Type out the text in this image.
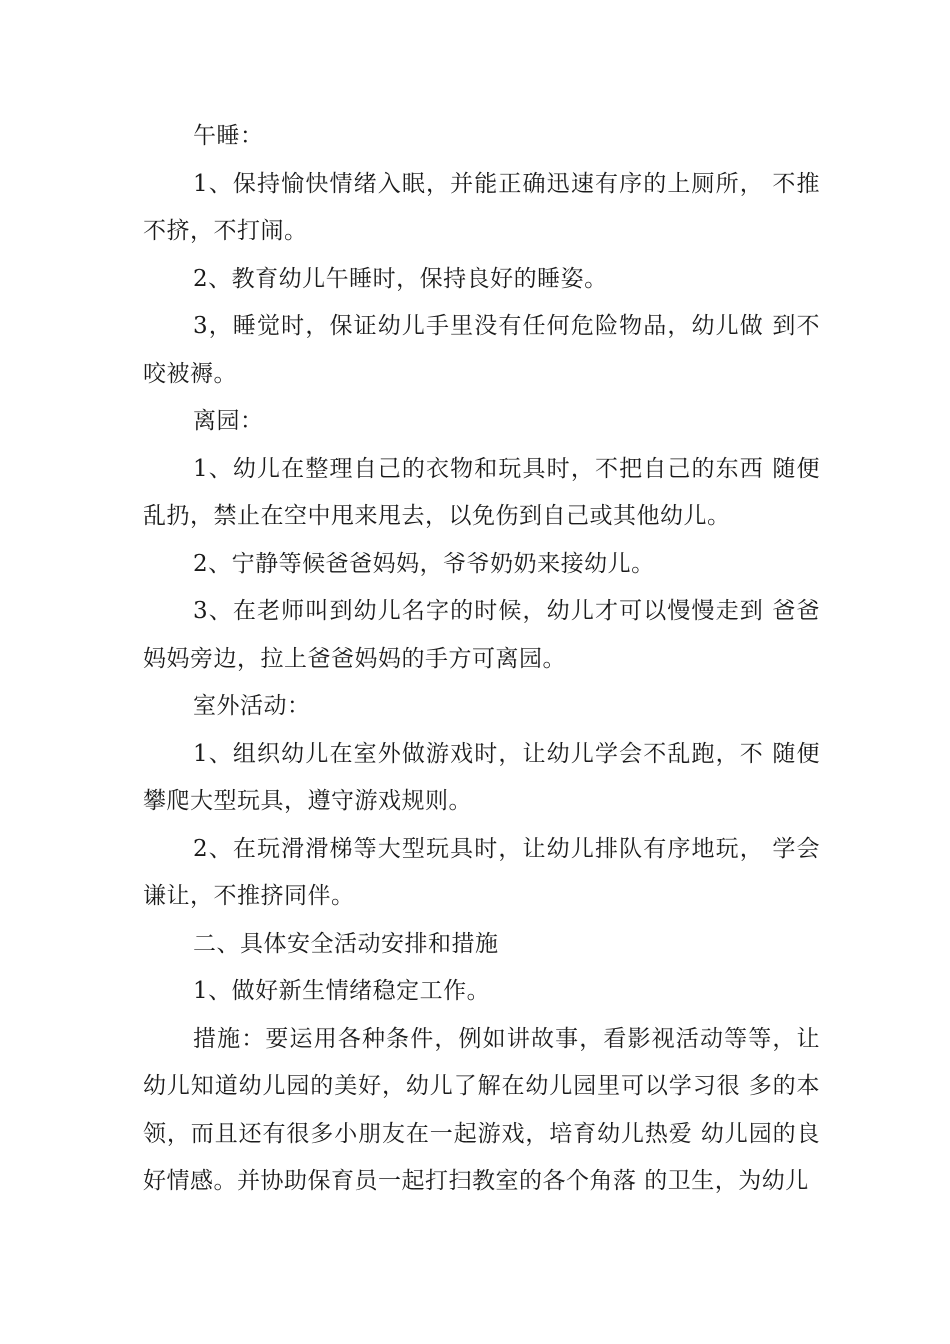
午睡：

1、保持愉快情绪入眠，并能正确迅速有序的上厕所， 不推不挤，不打闹。

2、教育幼儿午睡时，保持良好的睡姿。

3，睡觉时，保证幼儿手里没有任何危险物品，幼儿做 到不咬被褥。

离园：

1、幼儿在整理自己的衣物和玩具时，不把自己的东西 随便乱扔，禁止在空中甩来甩去，以免伤到自己或其他幼儿。

2、宁静等候爸爸妈妈，爷爷奶奶来接幼儿。

3、在老师叫到幼儿名字的时候，幼儿才可以慢慢走到 爸爸妈妈旁边，拉上爸爸妈妈的手方可离园。

室外活动：

1、组织幼儿在室外做游戏时，让幼儿学会不乱跑，不 随便攀爬大型玩具，遵守游戏规则。

2、在玩滑滑梯等大型玩具时，让幼儿排队有序地玩， 学会谦让，不推挤同伴。

二、具体安全活动安排和措施

1、做好新生情绪稳定工作。

措施：要运用各种条件，例如讲故事，看影视活动等等，让幼儿知道幼儿园的美好，幼儿了解在幼儿园里可以学习很 多的本领，而且还有很多小朋友在一起游戏，培育幼儿热爱 幼儿园的良好情感。并协助保育员一起打扫教室的各个角落 的卫生，为幼儿
